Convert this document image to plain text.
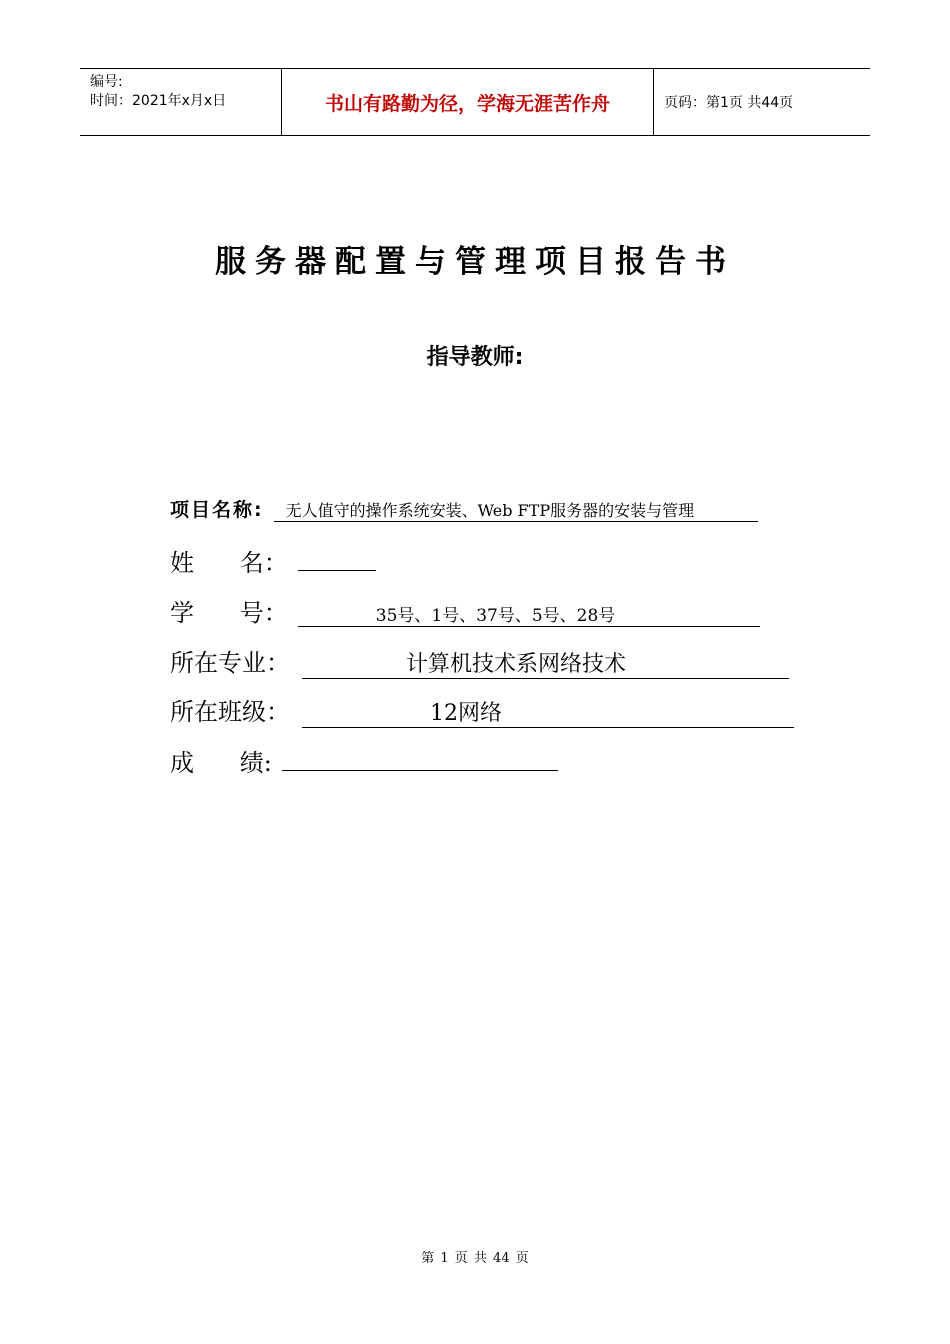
编号:
时间：2021年x月x日	书山有路勤为径，学海无涯苦作舟	页码：第1页 共44页
服务器配置与管理项目报告书
指导教师:
项目名称:	无人值守的操作系统安装、Web FTP服务器的安装与管理
姓      名：
学      号：	35号、1号、37号、5号、28号
所在专业：	计算机技术系网络技术
所在班级：	12网络
成      绩:
第 1 页 共 44 页
